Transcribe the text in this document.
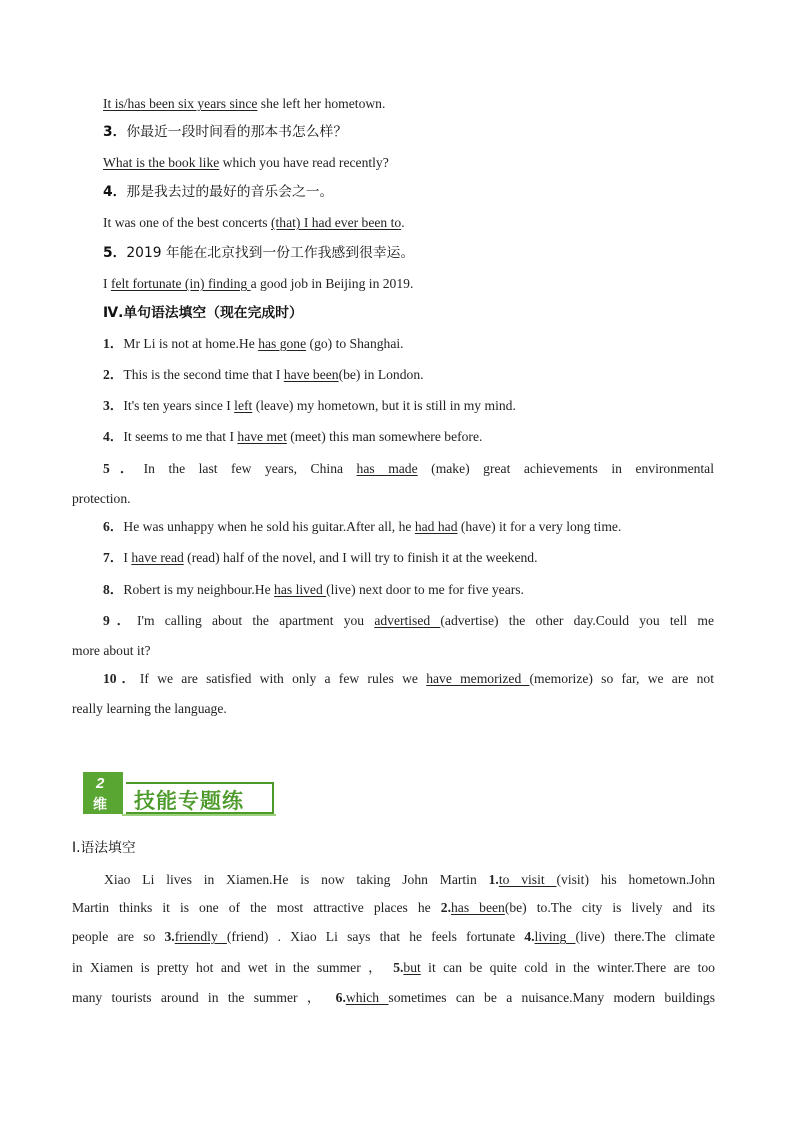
It is/has been six years since she left her hometown.
3．你最近一段时间看的那本书怎么样？
What is the book like which you have read recently?
4．那是我去过的最好的音乐会之一。
It was one of the best concerts (that) I had ever been to.
5．2019 年能在北京找到一份工作我感到很幸运。
I felt fortunate (in) finding a good job in Beijing in 2019.
Ⅳ.单句语法填空（现在完成时）
1．Mr Li is not at home.He has gone (go) to Shanghai.
2．This is the second time that I have been(be) in London.
3．It's ten years since I left (leave) my hometown, but it is still in my mind.
4．It seems to me that I have met (meet) this man somewhere before.
5．In the last few years, China has made (make) great achievements in environmental
protection.
6．He was unhappy when he sold his guitar.After all, he had had (have) it for a very long time.
7．I have read (read) half of the novel, and I will try to finish it at the weekend.
8．Robert is my neighbour.He has lived (live) next door to me for five years.
9．I'm calling about the apartment you advertised (advertise) the other day.Could you tell me
more about it?
10．If we are satisfied with only a few rules we have memorized (memorize) so far, we are not
really learning the language.
2
维 技能专题练
Ⅰ.语法填空
Xiao Li lives in Xiamen.He is now taking John Martin 1.to visit (visit) his hometown.John
Martin thinks it is one of the most attractive places he 2.has been(be) to.The city is lively and its
people are so 3.friendly (friend) . Xiao Li says that he feels fortunate 4.living (live) there.The climate
in Xiamen is pretty hot and wet in the summer ， 5.but it can be quite cold in the winter.There are too
many tourists around in the summer ， 6.which sometimes can be a nuisance.Many modern buildings
